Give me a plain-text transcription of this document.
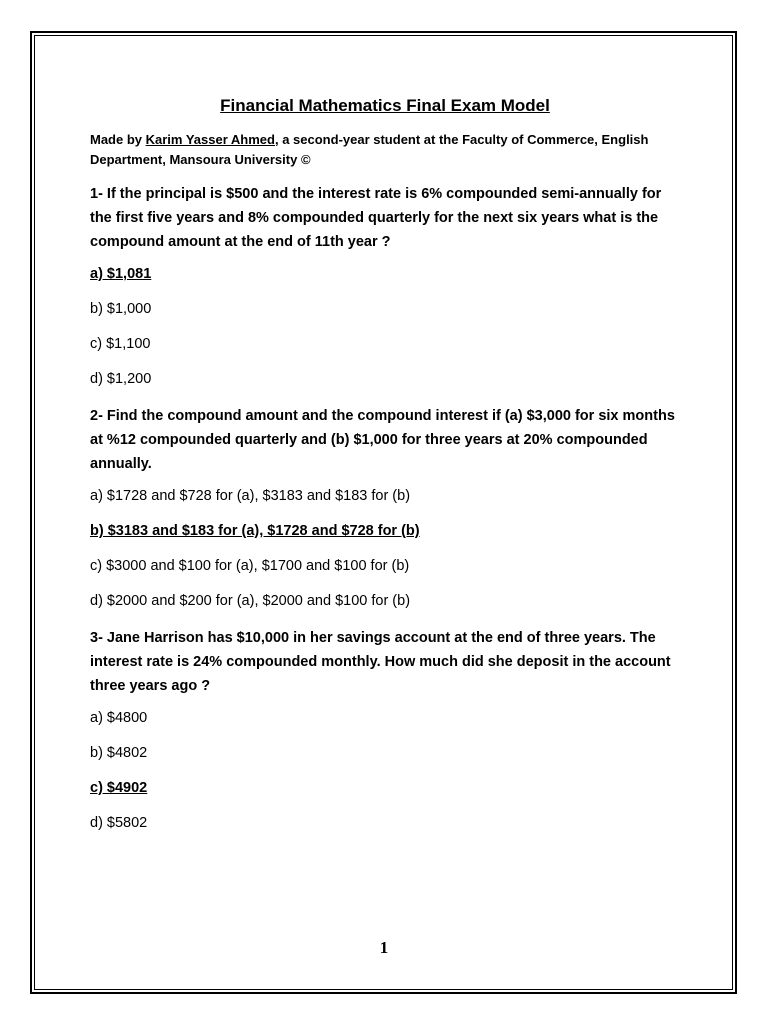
Financial Mathematics Final Exam Model
Made by Karim Yasser Ahmed, a second-year student at the Faculty of Commerce, English Department, Mansoura University ©
1- If the principal is $500 and the interest rate is 6% compounded semi-annually for the first five years and 8% compounded quarterly for the next six years what is the compound amount at the end of 11th year ?
a) $1,081
b) $1,000
c) $1,100
d) $1,200
2- Find the compound amount and the compound interest if (a) $3,000 for six months at %12 compounded quarterly and (b) $1,000 for three years at 20% compounded annually.
a) $1728 and $728 for (a), $3183 and $183 for (b)
b) $3183 and $183 for (a), $1728 and $728 for (b)
c) $3000 and $100 for (a), $1700 and $100 for (b)
d) $2000 and $200 for (a), $2000 and $100 for (b)
3- Jane Harrison has $10,000 in her savings account at the end of three years. The interest rate is 24% compounded monthly. How much did she deposit in the account three years ago ?
a) $4800
b) $4802
c) $4902
d) $5802
1
